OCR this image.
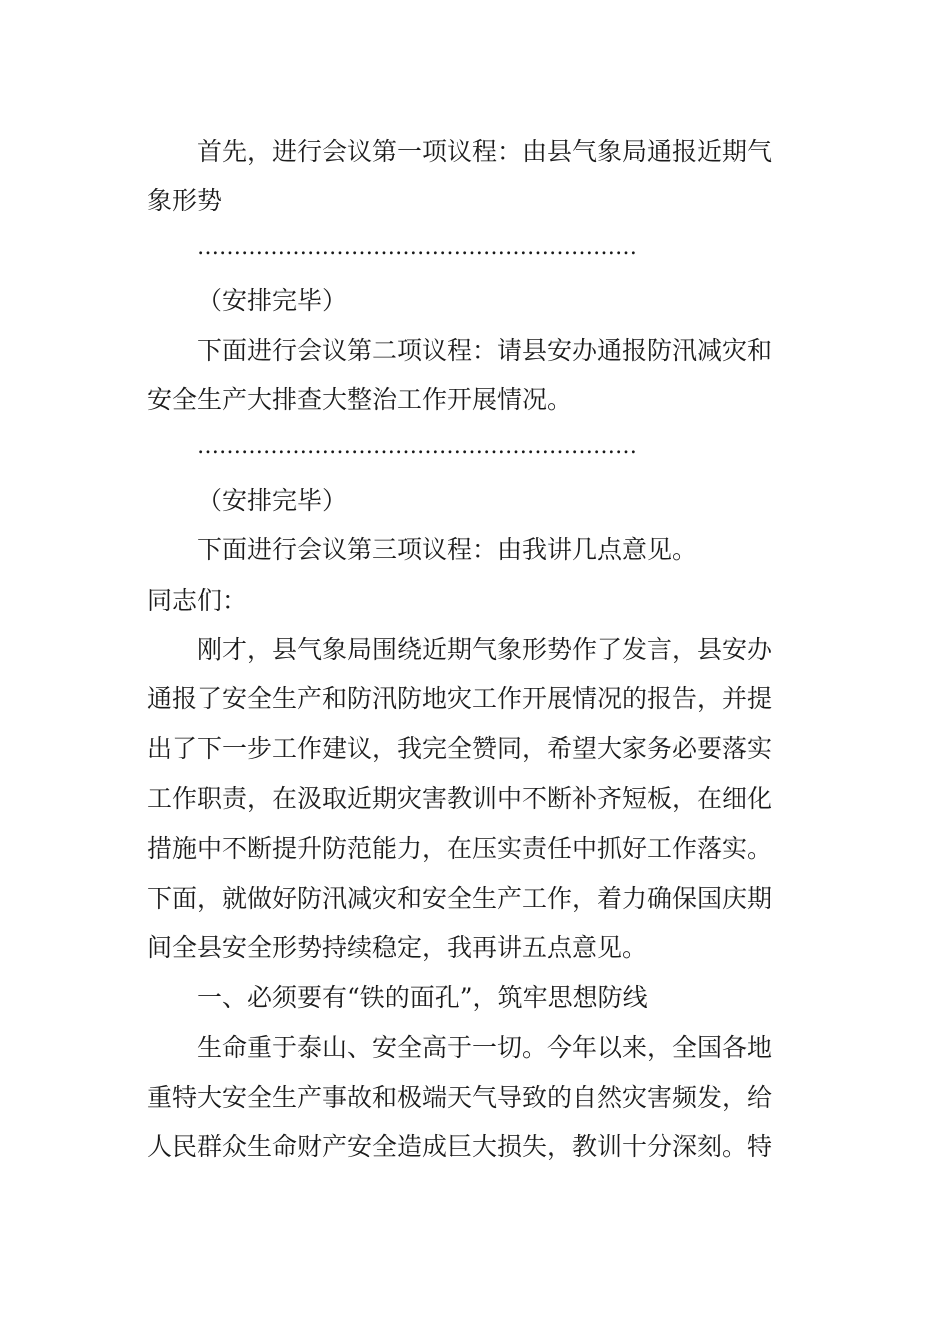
首先，进行会议第一项议程：由县气象局通报近期气
象形势
……………………………………………………
（安排完毕）
下面进行会议第二项议程：请县安办通报防汛减灾和
安全生产大排查大整治工作开展情况。
……………………………………………………
（安排完毕）
下面进行会议第三项议程：由我讲几点意见。
同志们：
刚才，县气象局围绕近期气象形势作了发言，县安办
通报了安全生产和防汛防地灾工作开展情况的报告，并提
出了下一步工作建议，我完全赞同，希望大家务必要落实
工作职责，在汲取近期灾害教训中不断补齐短板，在细化
措施中不断提升防范能力，在压实责任中抓好工作落实。
下面，就做好防汛减灾和安全生产工作，着力确保国庆期
间全县安全形势持续稳定，我再讲五点意见。
一、必须要有“铁的面孔”，筑牢思想防线
生命重于泰山、安全高于一切。今年以来，全国各地
重特大安全生产事故和极端天气导致的自然灾害频发，给
人民群众生命财产安全造成巨大损失，教训十分深刻。特
